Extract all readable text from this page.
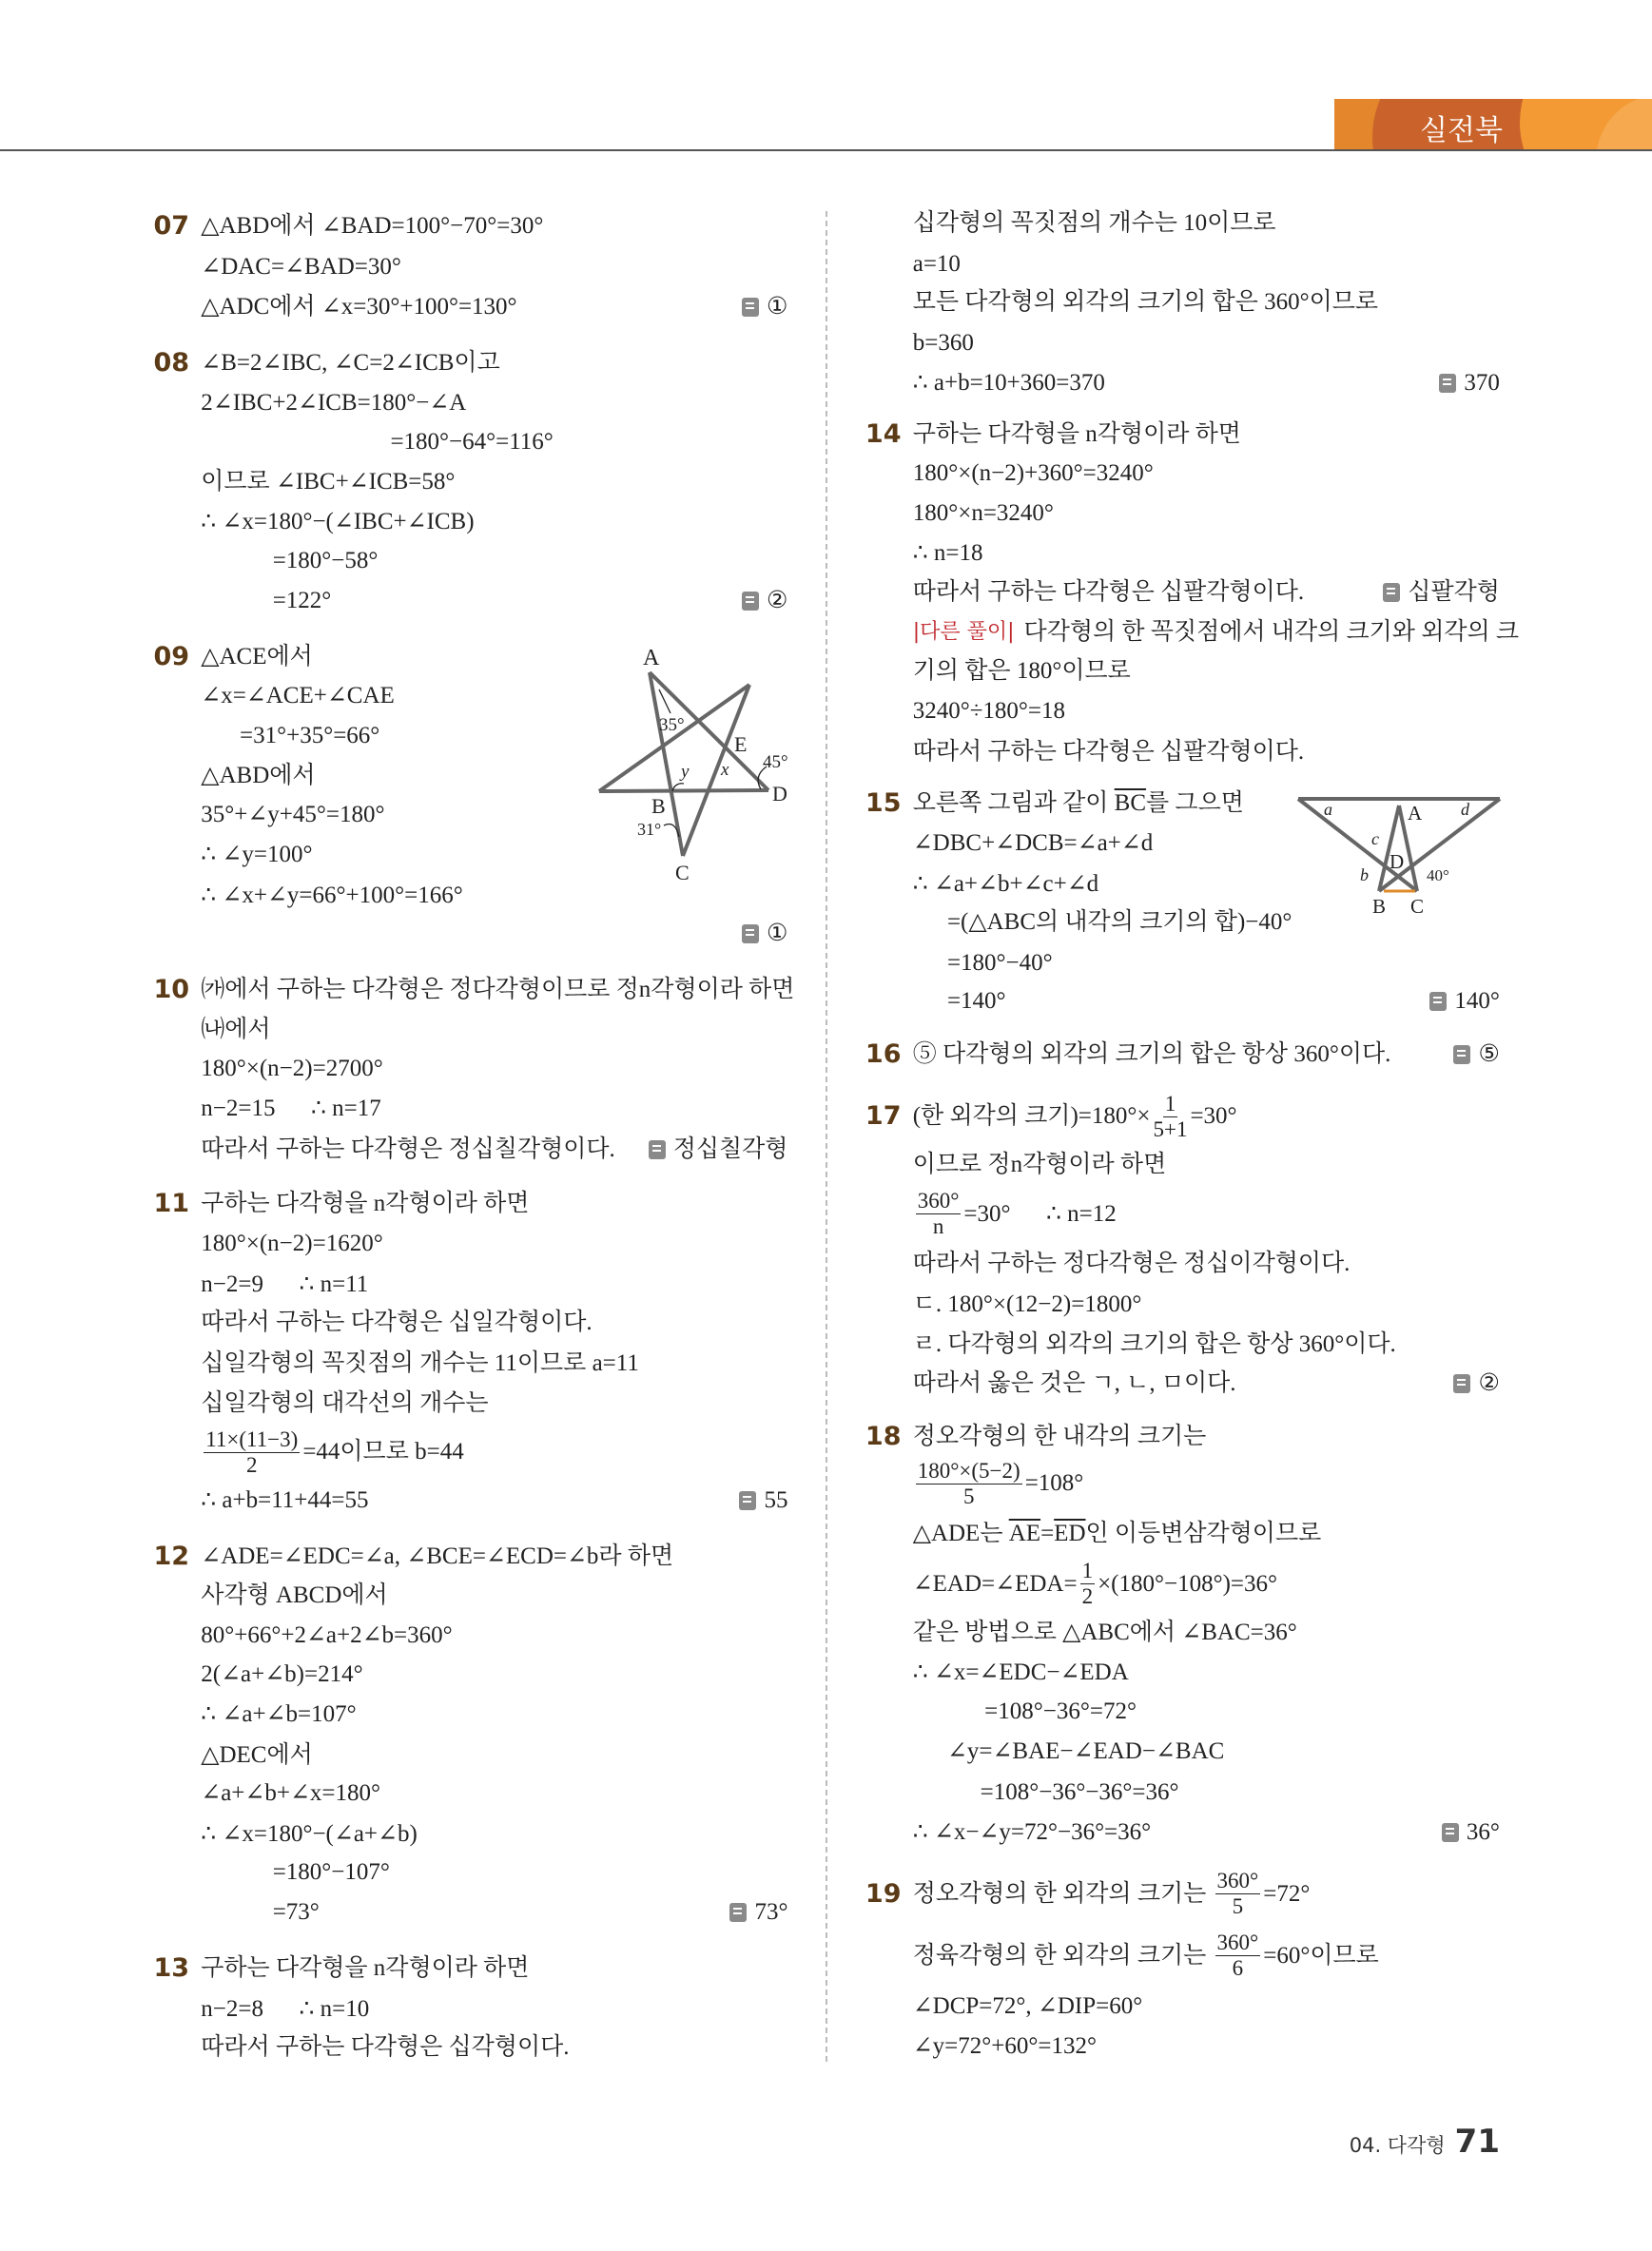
실전북
07 △ABD에서 ∠BAD=100°−70°=30°
∠DAC=∠BAD=30°
△ADC에서 ∠x=30°+100°=130°	①
08 ∠B=2∠IBC, ∠C=2∠ICB이고
2∠IBC+2∠ICB=180°−∠A
=180°−64°=116°
이므로 ∠IBC+∠ICB=58°
∴ ∠x=180°−(∠IBC+∠ICB)
=180°−58°
=122°	②
09 △ACE에서
∠x=∠ACE+∠CAE
=31°+35°=66°
△ABD에서
35°+∠y+45°=180°
∴ ∠y=100°
∴ ∠x+∠y=66°+100°=166°
①
10 ㈎에서 구하는 다각형은 정다각형이므로 정n각형이라 하면
㈏에서
180°×(n−2)=2700°
n−2=15      ∴ n=17
따라서 구하는 다각형은 정십칠각형이다. 정십칠각형
11 구하는 다각형을 n각형이라 하면
180°×(n−2)=1620°
n−2=9      ∴ n=11
따라서 구하는 다각형은 십일각형이다.
십일각형의 꼭짓점의 개수는 11이므로 a=11
십일각형의 대각선의 개수는
$\frac{11\times(11-3)}{2} =44$이므로 b=44
∴ a+b=11+44=55	55
12 ∠ADE=∠EDC=∠a, ∠BCE=∠ECD=∠b라 하면
사각형 ABCD에서
80°+66°+2∠a+2∠b=360°
2(∠a+∠b)=214°
∴ ∠a+∠b=107°
△DEC에서
∠a+∠b+∠x=180°
∴ ∠x=180°−(∠a+∠b)
=180°−107°
=73°	73°
13 구하는 다각형을 n각형이라 하면
n−2=8      ∴ n=10
따라서 구하는 다각형은 십각형이다.
십각형의 꼭짓점의 개수는 10이므로
a=10
모든 다각형의 외각의 크기의 합은 360°이므로
b=360
∴ a+b=10+360=370	370
14 구하는 다각형을 n각형이라 하면
180°×(n−2)+360°=3240°
180°×n=3240°
∴ n=18
따라서 구하는 다각형은 십팔각형이다.
|다른 풀이| 다각형의 한 꼭짓점에서 내각의 크기와 외각의 크
기의 합은 180°이므로
3240°÷180°=18
따라서 구하는 다각형은 십팔각형이다.
십팔각형
15 오른쪽 그림과 같이 $\overline{BC}$ 를 그으면
∠DBC+∠DCB=∠a+∠d
∴ ∠a+∠b+∠c+∠d
=(△ABC의 내각의 크기의 합)−40°
=180°−40°
=140°	140°
16 ⑤ 다각형의 외각의 크기의 합은 항상 360°이다.	⑤
17 (한 외각의 크기)$=180^\circ\times \frac{1}{5+1} =30^\circ$
이므로 정n각형이라 하면
$\frac{360^\circ}{n} =30^\circ$      ∴ n=12
따라서 구하는 정다각형은 정십이각형이다.
ㄷ. 180°×(12−2)=1800°
ㄹ. 다각형의 외각의 크기의 합은 항상 360°이다.
따라서 옳은 것은 ㄱ, ㄴ, ㅁ이다.	②
18 정오각형의 한 내각의 크기는
$\frac{180^\circ\times(5-2)}{5} =108^\circ$
△ADE는 $\overline{AE} = \overline{ED}$ 인 이등변삼각형이므로
∠EAD=∠EDA= $\frac{1}{2} \times(180^\circ-108^\circ)=36^\circ$
같은 방법으로 △ABC에서 ∠BAC=36°
∴ ∠x=∠EDC−∠EDA
=108°−36°=72°
∠y=∠BAE−∠EAD−∠BAC
=108°−36°−36°=36°
∴ ∠x−∠y=72°−36°=36°	36°
19 정오각형의 한 외각의 크기는 $\frac{360^\circ}{5} =72^\circ$
정육각형의 한 외각의 크기는 $\frac{360^\circ}{6} =60^\circ$이므로
∠DCP=72°, ∠DIP=60°
∠y=72°+60°=132°
A
35°
E
45°
D
y x
B
31°
C
a	A d
c
D
b	40°
B C
04. 다각형 71
